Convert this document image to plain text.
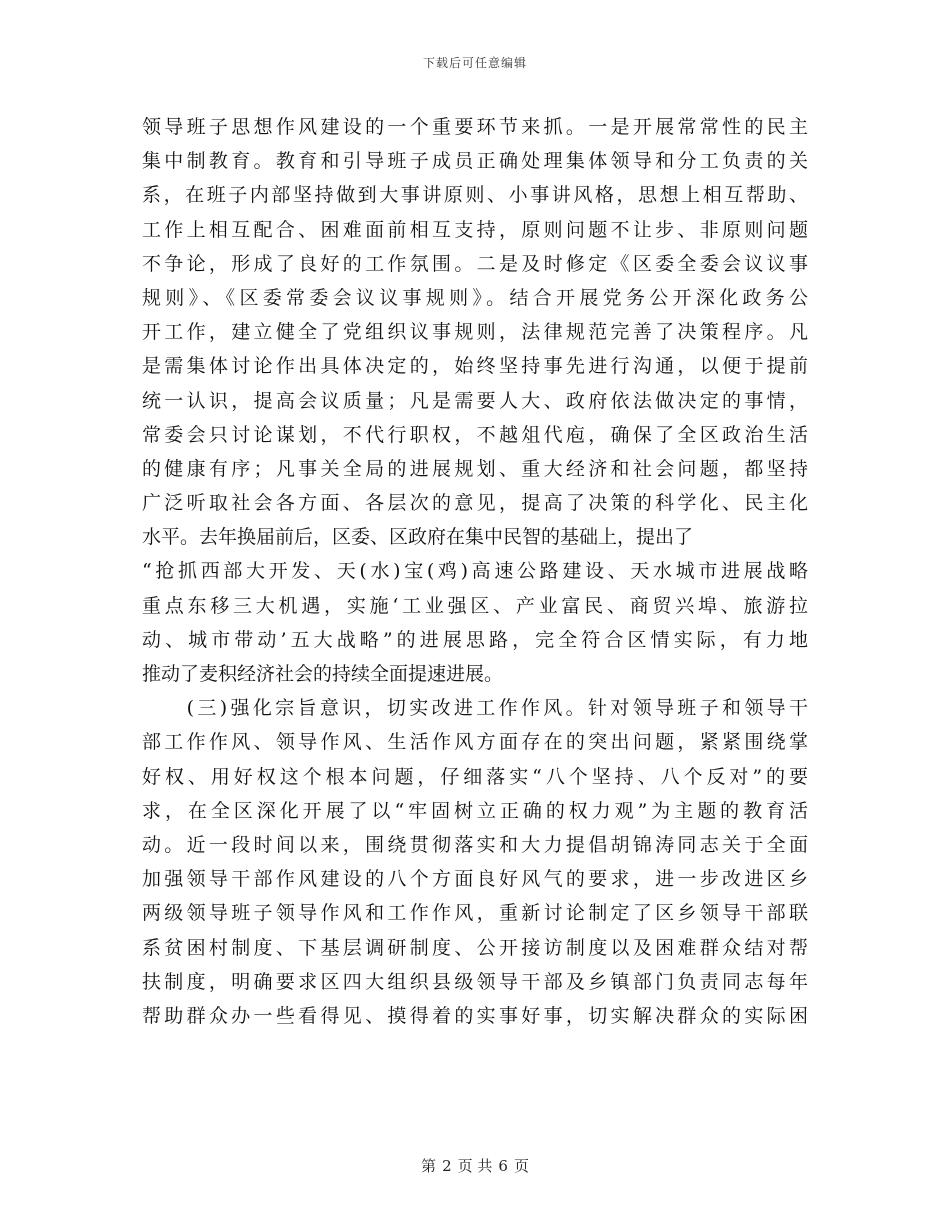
下载后可任意编辑
领导班子思想作风建设的一个重要环节来抓。一是开展常常性的民主
集中制教育。教育和引导班子成员正确处理集体领导和分工负责的关
系，在班子内部坚持做到大事讲原则、小事讲风格，思想上相互帮助、
工作上相互配合、困难面前相互支持，原则问题不让步、非原则问题
不争论，形成了良好的工作氛围。二是及时修定《区委全委会议议事
规则》、《区委常委会议议事规则》。结合开展党务公开深化政务公
开工作，建立健全了党组织议事规则，法律规范完善了决策程序。凡
是需集体讨论作出具体决定的，始终坚持事先进行沟通，以便于提前
统一认识，提高会议质量；凡是需要人大、政府依法做决定的事情，
常委会只讨论谋划，不代行职权，不越俎代庖，确保了全区政治生活
的健康有序；凡事关全局的进展规划、重大经济和社会问题，都坚持
广泛听取社会各方面、各层次的意见，提高了决策的科学化、民主化
水平。去年换届前后，区委、区政府在集中民智的基础上，提出了
“抢抓西部大开发、天(水)宝(鸡)高速公路建设、天水城市进展战略
重点东移三大机遇，实施‘工业强区、产业富民、商贸兴埠、旅游拉
动、城市带动’五大战略”的进展思路，完全符合区情实际，有力地
推动了麦积经济社会的持续全面提速进展。
　　(三)强化宗旨意识，切实改进工作作风。针对领导班子和领导干
部工作作风、领导作风、生活作风方面存在的突出问题，紧紧围绕掌
好权、用好权这个根本问题，仔细落实“八个坚持、八个反对”的要
求，在全区深化开展了以“牢固树立正确的权力观”为主题的教育活
动。近一段时间以来，围绕贯彻落实和大力提倡胡锦涛同志关于全面
加强领导干部作风建设的八个方面良好风气的要求，进一步改进区乡
两级领导班子领导作风和工作作风，重新讨论制定了区乡领导干部联
系贫困村制度、下基层调研制度、公开接访制度以及困难群众结对帮
扶制度，明确要求区四大组织县级领导干部及乡镇部门负责同志每年
帮助群众办一些看得见、摸得着的实事好事，切实解决群众的实际困
第 2 页 共 6 页
